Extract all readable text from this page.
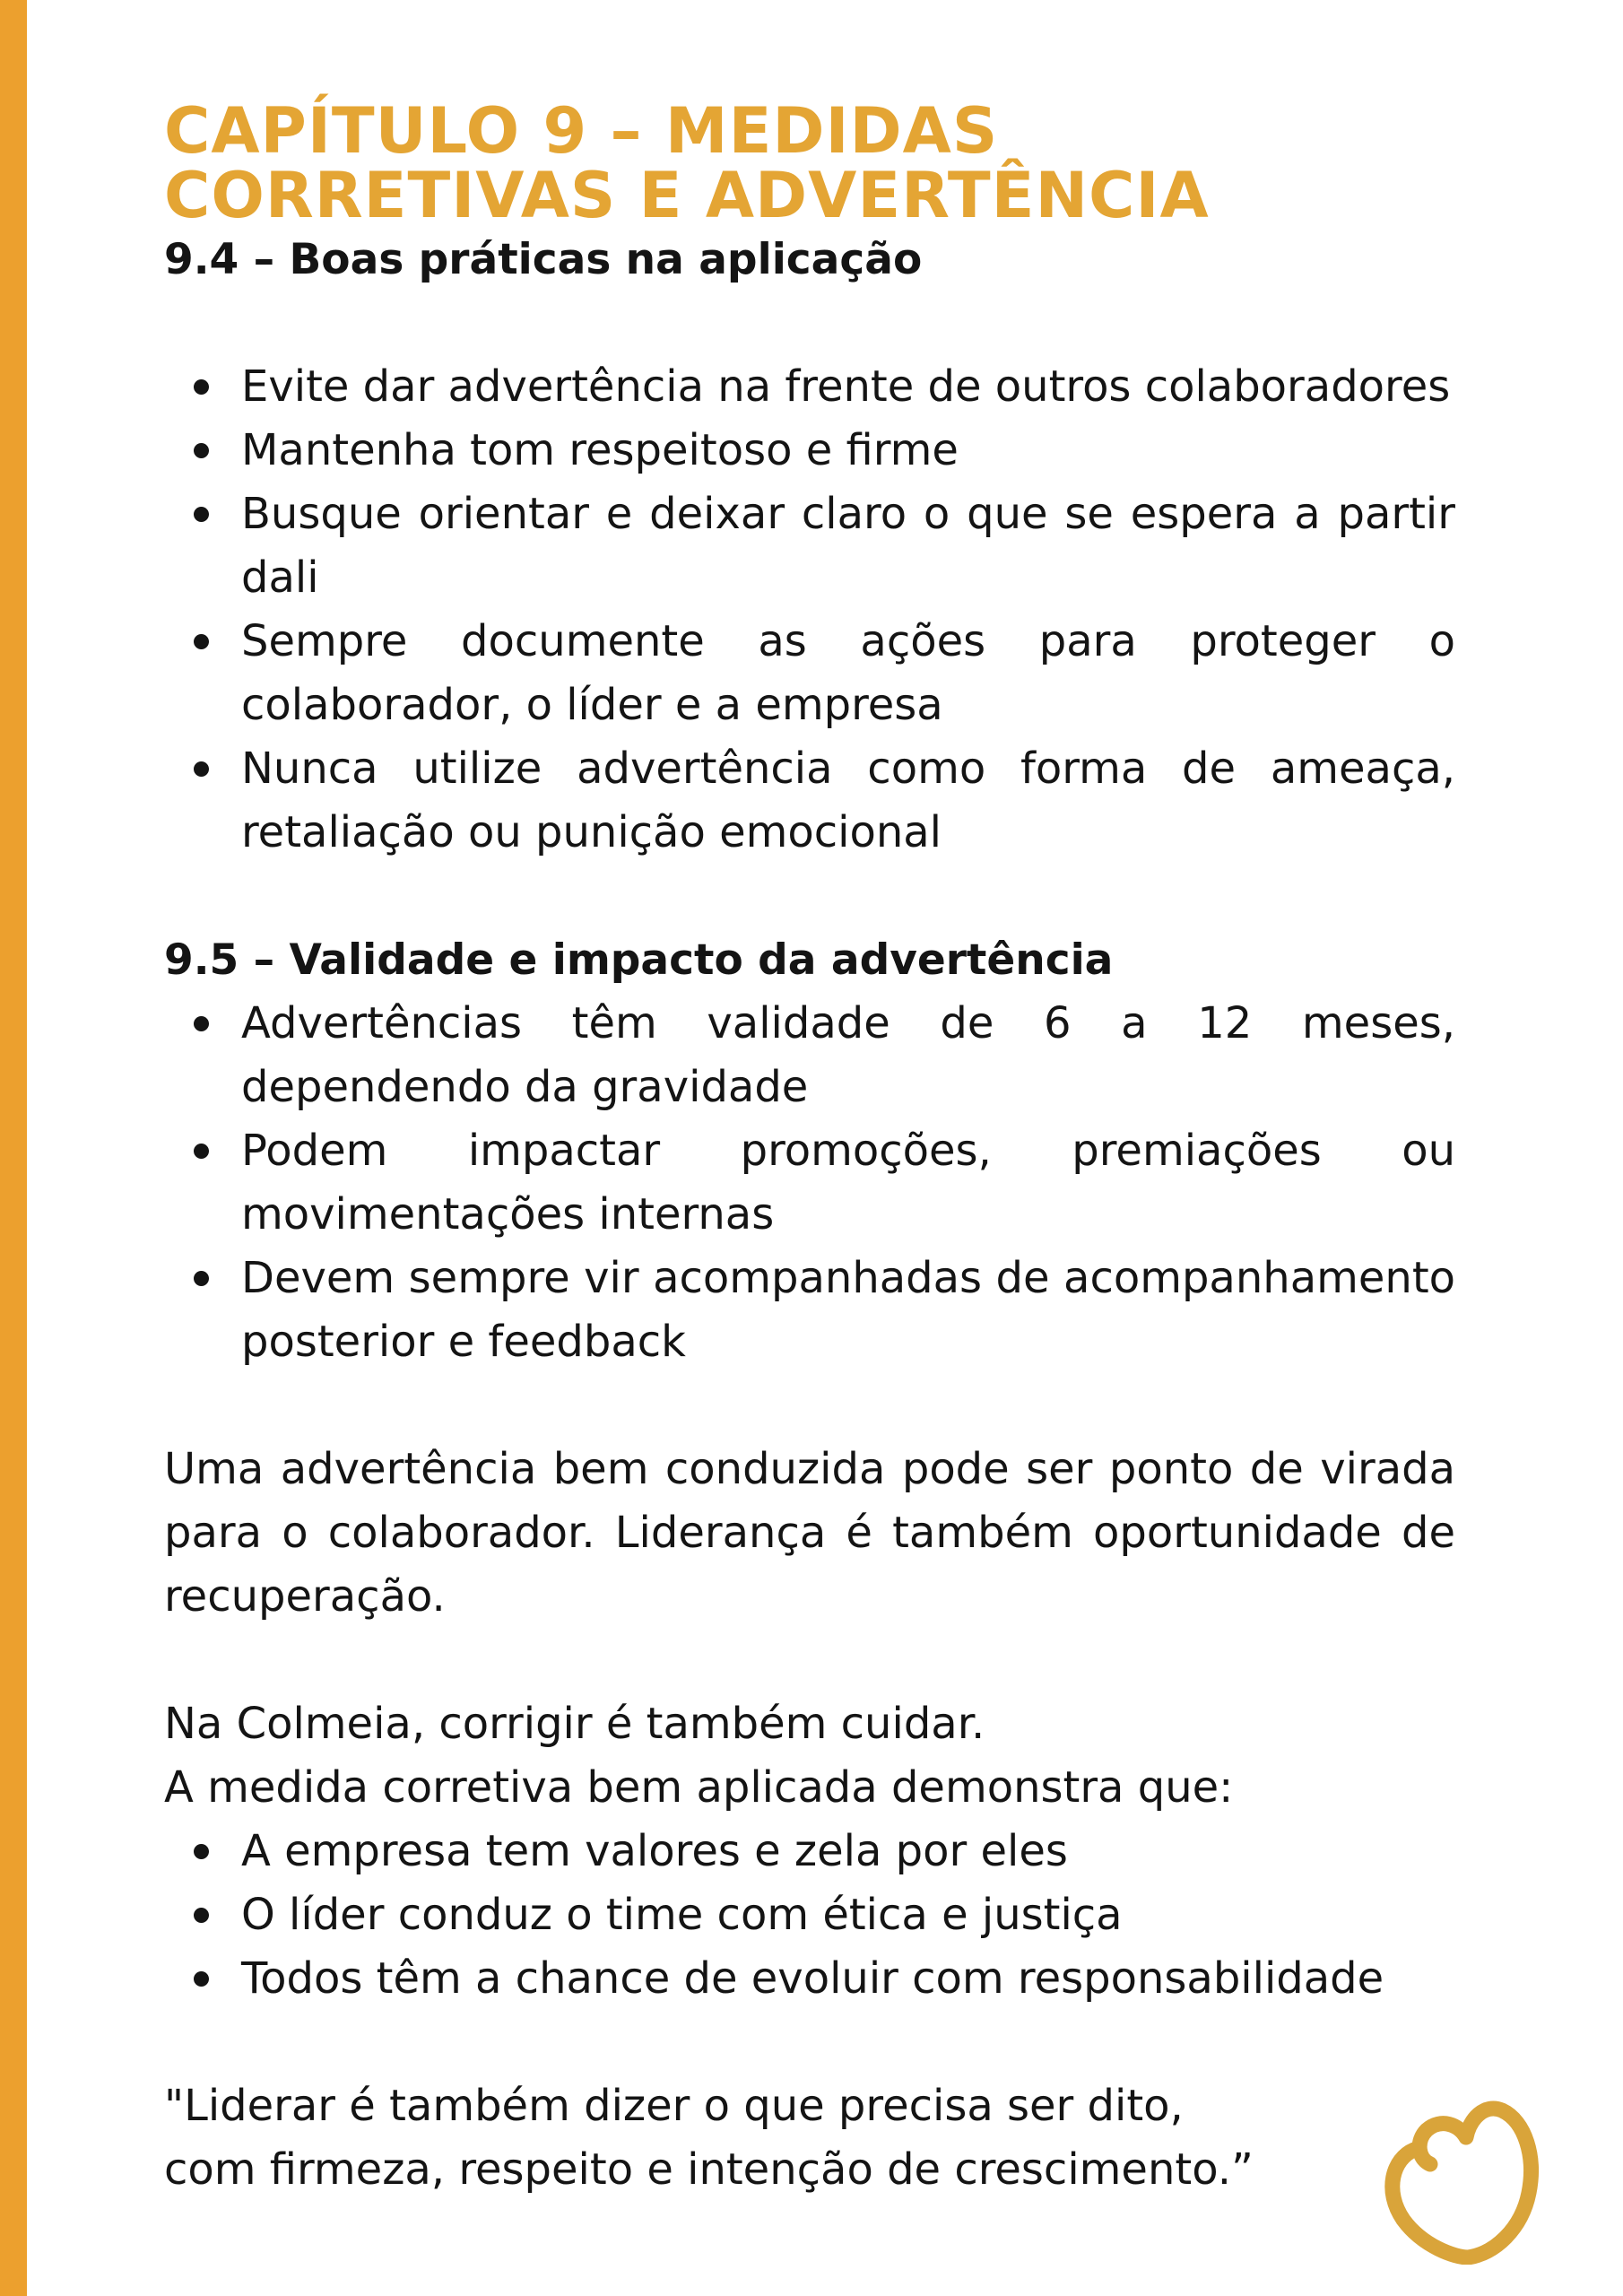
CAPÍTULO 9 – MEDIDAS
CORRETIVAS E ADVERTÊNCIA
9.4 – Boas práticas na aplicação
Evite dar advertência na frente de outros colaboradores
Mantenha tom respeitoso e firme
Busque orientar e deixar claro o que se espera a partir dali
Sempre documente as ações para proteger o colaborador, o líder e a empresa
Nunca utilize advertência como forma de ameaça, retaliação ou punição emocional
9.5 – Validade e impacto da advertência
Advertências têm validade de 6 a 12 meses, dependendo da gravidade
Podem impactar promoções, premiações ou movimentações internas
Devem sempre vir acompanhadas de acompanhamento posterior e feedback

Uma advertência bem conduzida pode ser ponto de virada para o colaborador. Liderança é também oportunidade de recuperação.

Na Colmeia, corrigir é também cuidar.

A medida corretiva bem aplicada demonstra que:

A empresa tem valores e zela por eles
O líder conduz o time com ética e justiça
Todos têm a chance de evoluir com responsabilidade

"Liderar é também dizer o que precisa ser dito,

com firmeza, respeito e intenção de crescimento.”
